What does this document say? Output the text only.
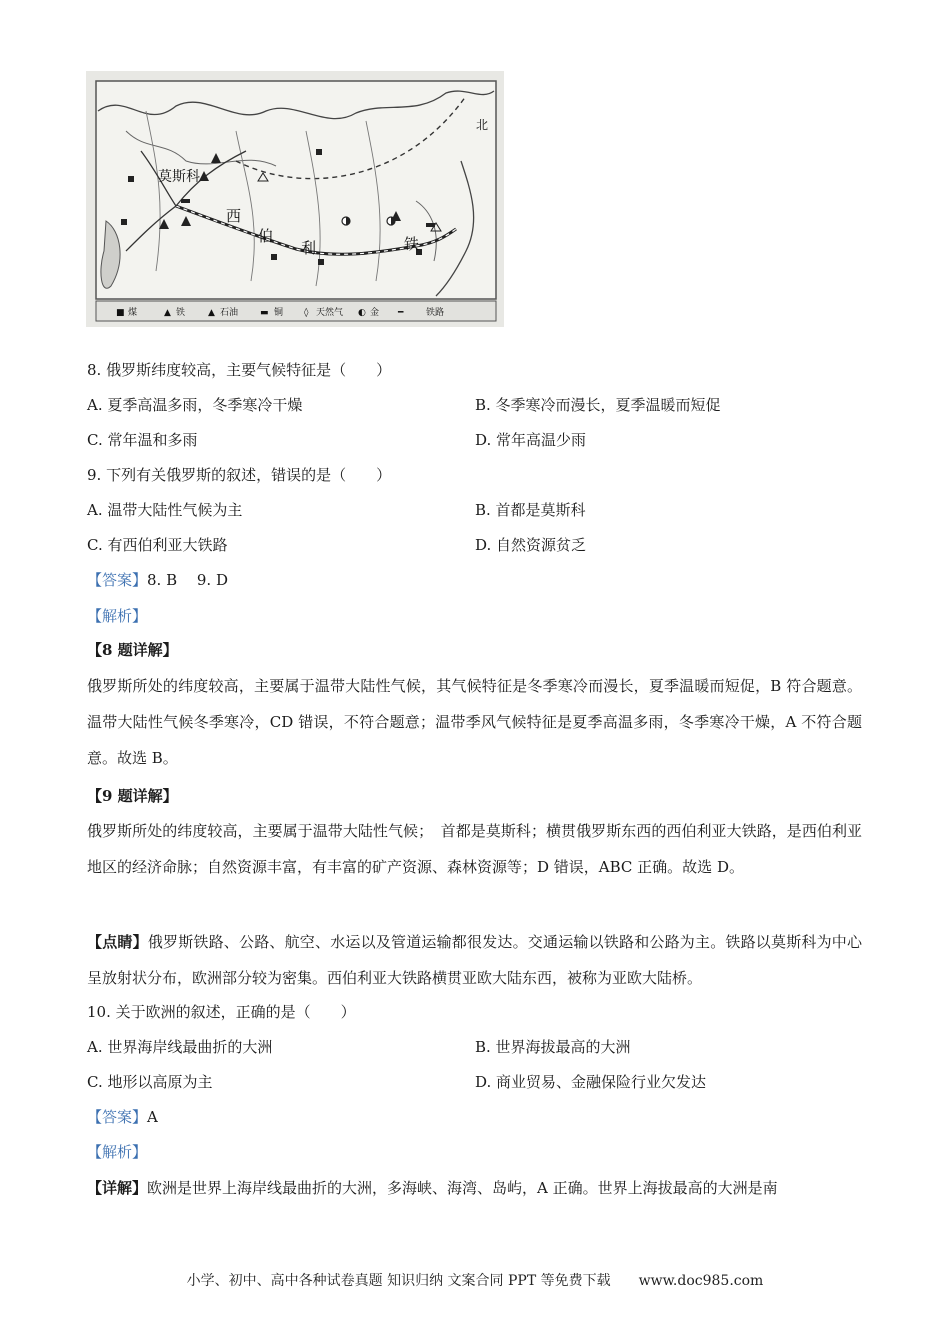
莫斯科
西
伯
利	铁
北
■ 煤	▲ 铁	▲ 石油 ▬ 铜 ◊ 天然气 ◐ 金 ━	铁路
8. 俄罗斯纬度较高，主要气候特征是（　　）
A. 夏季高温多雨，冬季寒冷干燥	B. 冬季寒冷而漫长，夏季温暖而短促
C. 常年温和多雨	D. 常年高温少雨
9. 下列有关俄罗斯的叙述，错误的是（　　）
A. 温带大陆性气候为主	B. 首都是莫斯科
C. 有西伯利亚大铁路	D. 自然资源贫乏
【答案】8. B　 9. D
【解析】
【8 题详解】
俄罗斯所处的纬度较高，主要属于温带大陆性气候，其气候特征是冬季寒冷而漫长，夏季温暖而短促，B 符合题意。温带大陆性气候冬季寒冷，CD 错误，不符合题意；温带季风气候特征是夏季高温多雨，冬季寒冷干燥，A 不符合题意。故选 B。
【9 题详解】
俄罗斯所处的纬度较高，主要属于温带大陆性气候；　首都是莫斯科；横贯俄罗斯东西的西伯利亚大铁路，是西伯利亚地区的经济命脉；自然资源丰富，有丰富的矿产资源、森林资源等；D 错误，ABC 正确。故选 D。
【点睛】俄罗斯铁路、公路、航空、水运以及管道运输都很发达。交通运输以铁路和公路为主。铁路以莫斯科为中心呈放射状分布，欧洲部分较为密集。西伯利亚大铁路横贯亚欧大陆东西，被称为亚欧大陆桥。
10. 关于欧洲的叙述，正确的是（　　）
A. 世界海岸线最曲折的大洲	B. 世界海拔最高的大洲
C. 地形以高原为主	D. 商业贸易、金融保险行业欠发达
【答案】A
【解析】
【详解】欧洲是世界上海岸线最曲折的大洲，多海峡、海湾、岛屿，A 正确。世界上海拔最高的大洲是南
小学、初中、高中各种试卷真题 知识归纳 文案合同 PPT 等免费下载　　www.doc985.com
